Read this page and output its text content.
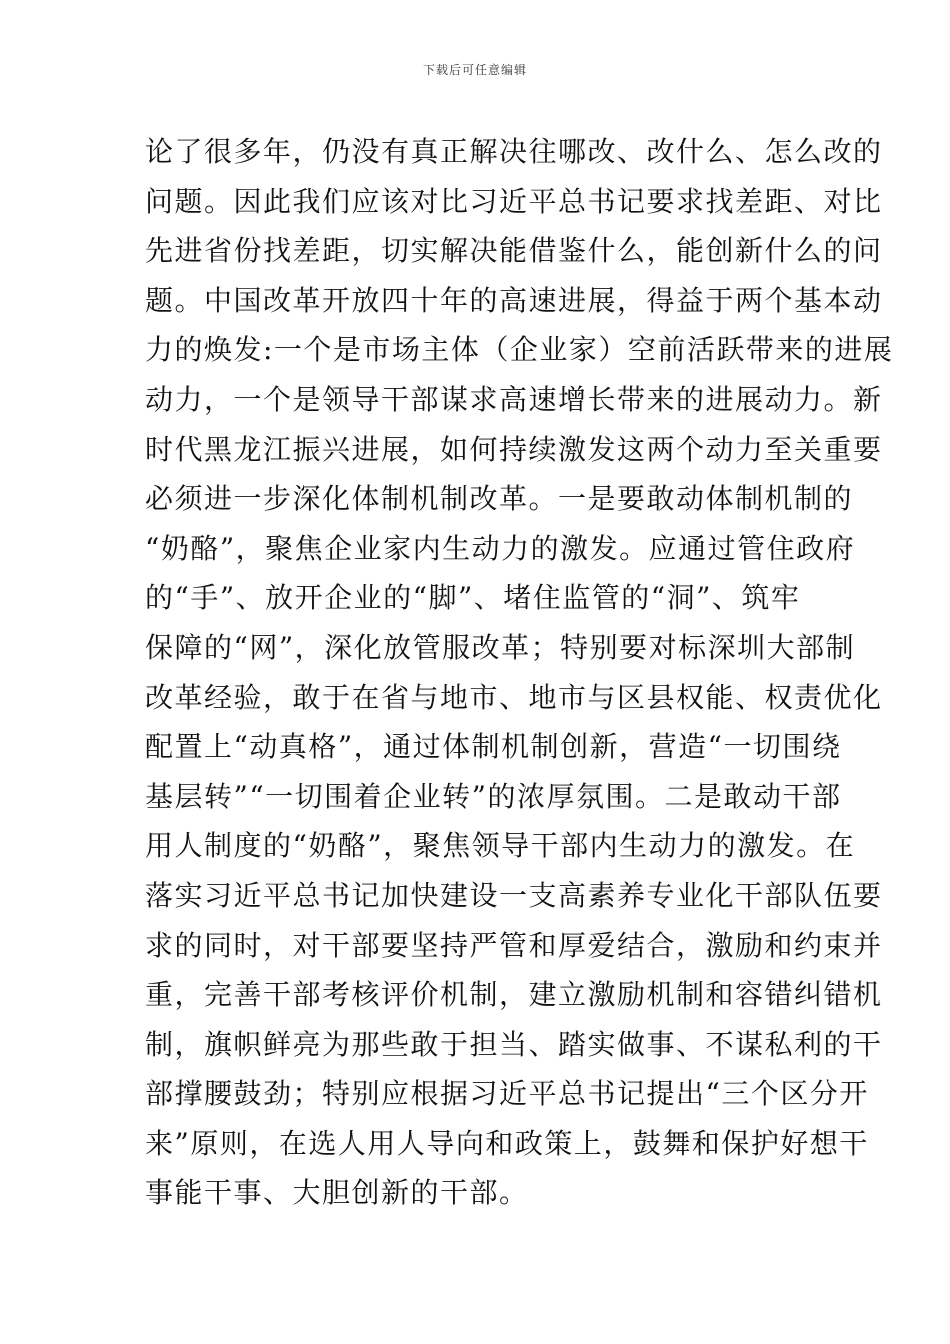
下载后可任意编辑
论了很多年，仍没有真正解决往哪改、改什么、怎么改的
问题。因此我们应该对比习近平总书记要求找差距、对比
先进省份找差距，切实解决能借鉴什么，能创新什么的问
题。中国改革开放四十年的高速进展，得益于两个基本动
力的焕发:一个是市场主体（企业家）空前活跃带来的进展
动力，一个是领导干部谋求高速增长带来的进展动力。新
时代黑龙江振兴进展，如何持续激发这两个动力至关重要
必须进一步深化体制机制改革。一是要敢动体制机制的
“奶酪”，聚焦企业家内生动力的激发。应通过管住政府
的“手”、放开企业的“脚”、堵住监管的“洞”、筑牢
保障的“网”，深化放管服改革；特别要对标深圳大部制
改革经验，敢于在省与地市、地市与区县权能、权责优化
配置上“动真格”，通过体制机制创新，营造“一切围绕
基层转”“一切围着企业转”的浓厚氛围。二是敢动干部
用人制度的“奶酪”，聚焦领导干部内生动力的激发。在
落实习近平总书记加快建设一支高素养专业化干部队伍要
求的同时，对干部要坚持严管和厚爱结合，激励和约束并
重，完善干部考核评价机制，建立激励机制和容错纠错机
制，旗帜鲜亮为那些敢于担当、踏实做事、不谋私利的干
部撑腰鼓劲；特别应根据习近平总书记提出“三个区分开
来”原则，在选人用人导向和政策上，鼓舞和保护好想干
事能干事、大胆创新的干部。
